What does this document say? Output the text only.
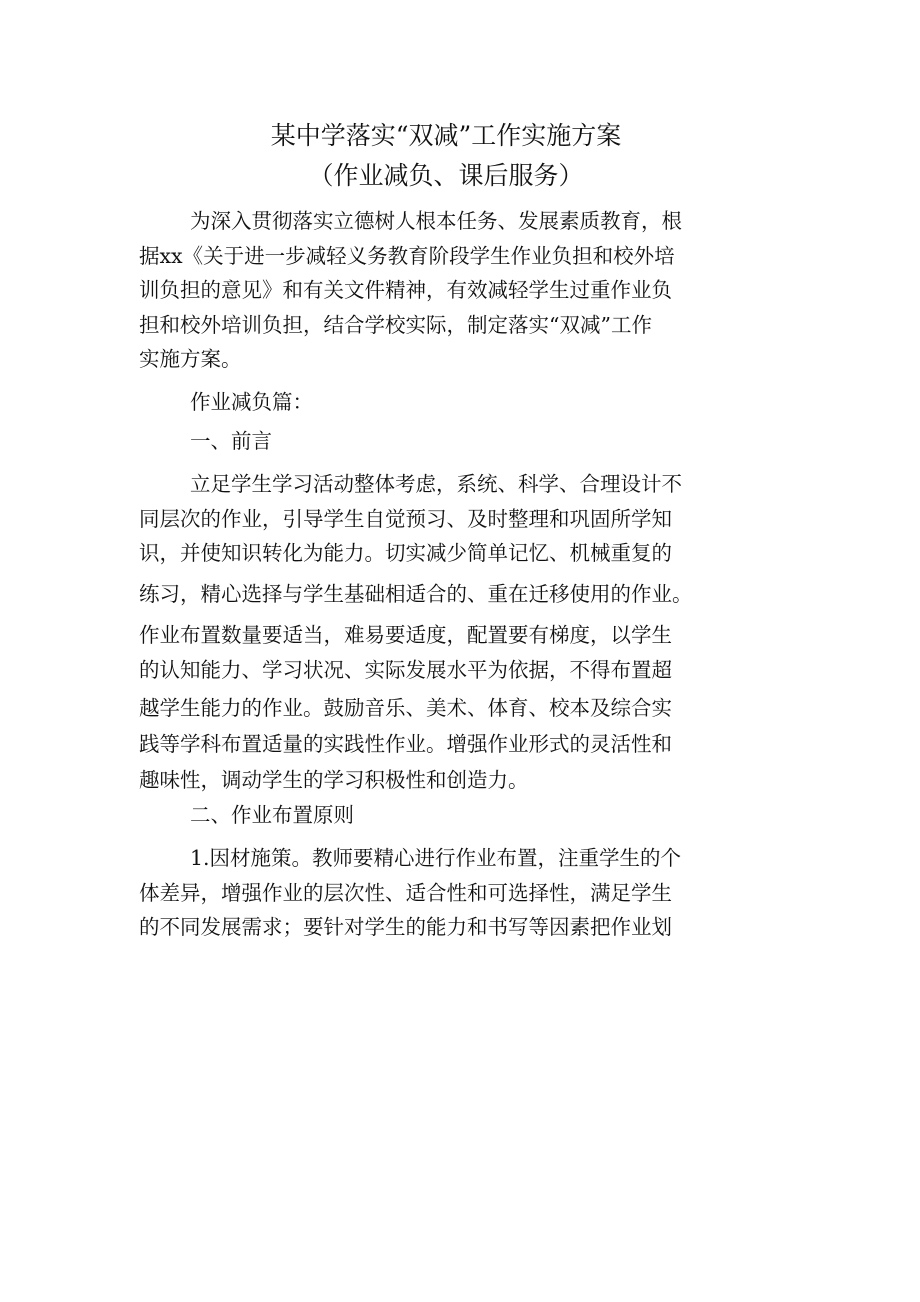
某中学落实“双减”工作实施方案
（作业减负、课后服务）
为深入贯彻落实立德树人根本任务、发展素质教育，根
据xx《关于进一步减轻义务教育阶段学生作业负担和校外培
训负担的意见》和有关文件精神，有效减轻学生过重作业负
担和校外培训负担，结合学校实际，制定落实“双减”工作
实施方案。
作业减负篇：
一、前言
立足学生学习活动整体考虑，系统、科学、合理设计不
同层次的作业，引导学生自觉预习、及时整理和巩固所学知
识，并使知识转化为能力。切实减少简单记忆、机械重复的
练习，精心选择与学生基础相适合的、重在迁移使用的作业。
作业布置数量要适当，难易要适度，配置要有梯度，以学生
的认知能力、学习状况、实际发展水平为依据，不得布置超
越学生能力的作业。鼓励音乐、美术、体育、校本及综合实
践等学科布置适量的实践性作业。增强作业形式的灵活性和
趣味性，调动学生的学习积极性和创造力。
二、作业布置原则
1.因材施策。教师要精心进行作业布置，注重学生的个
体差异，增强作业的层次性、适合性和可选择性，满足学生
的不同发展需求；要针对学生的能力和书写等因素把作业划
